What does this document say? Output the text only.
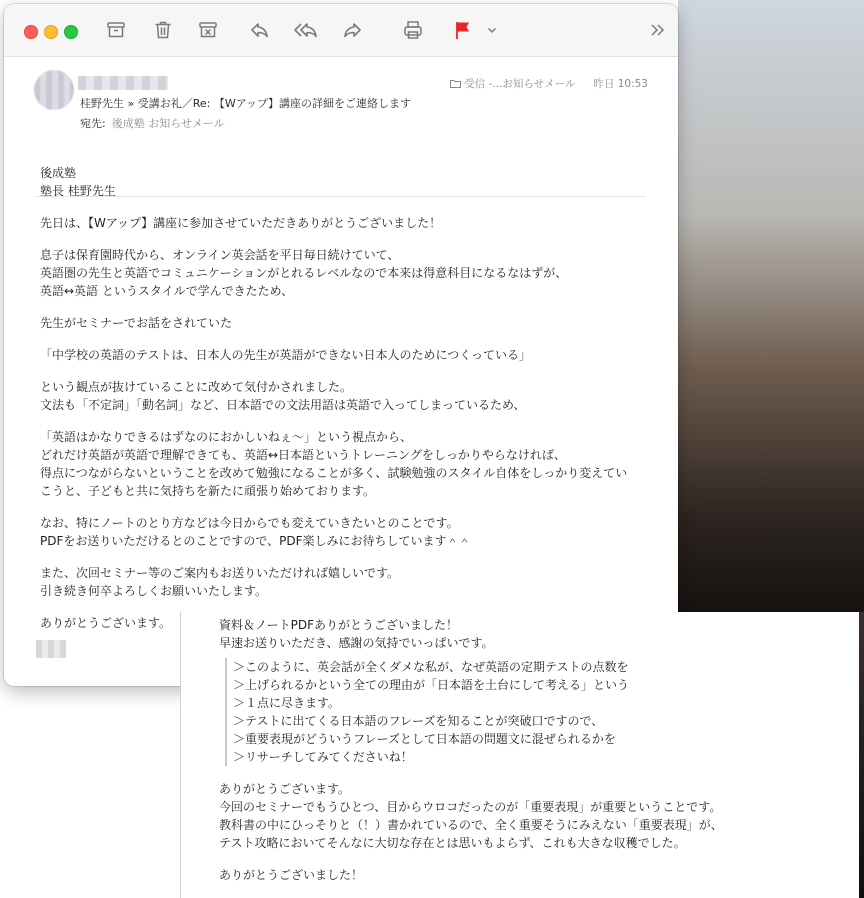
受信 -...お知らせメール 昨日 10:53
桂野先生 » 受講お礼／Re: 【Wアップ】講座の詳細をご連絡します
宛先: 後成塾 お知らせメール
後成塾
塾長 桂野先生
先日は、【Wアップ】講座に参加させていただきありがとうございました！
息子は保育園時代から、オンライン英会話を平日毎日続けていて、
英語圏の先生と英語でコミュニケーションがとれるレベルなので本来は得意科目になるなはずが、
英語↔英語 というスタイルで学んできたため、
先生がセミナーでお話をされていた
「中学校の英語のテストは、日本人の先生が英語ができない日本人のためにつくっている」
という観点が抜けていることに改めて気付かされました。
文法も「不定詞」「動名詞」など、日本語での文法用語は英語で入ってしまっているため、
「英語はかなりできるはずなのにおかしいねぇ〜」という視点から、
どれだけ英語が英語で理解できても、英語↔日本語というトレーニングをしっかりやらなければ、
得点につながらないということを改めて勉強になることが多く、試験勉強のスタイル自体をしっかり変えてい
こうと、子どもと共に気持ちを新たに頑張り始めております。
なお、特にノートのとり方などは今日からでも変えていきたいとのことです。
PDFをお送りいただけるとのことですので、PDF楽しみにお待ちしています＾＾
また、次回セミナー等のご案内もお送りいただければ嬉しいです。
引き続き何卒よろしくお願いいたします。
ありがとうございます。	資料＆ノートPDFありがとうございました！
早速お送りいただき、感謝の気持でいっぱいです。
＞このように、英会話が全くダメな私が、なぜ英語の定期テストの点数を
＞上げられるかという全ての理由が「日本語を土台にして考える」という
＞１点に尽きます。
＞テストに出てくる日本語のフレーズを知ることが突破口ですので、
＞重要表現がどういうフレーズとして日本語の問題文に混ぜられるかを
＞リサーチしてみてくださいね！
ありがとうございます。
今回のセミナーでもうひとつ、目からウロコだったのが「重要表現」が重要ということです。
教科書の中にひっそりと（！）書かれているので、全く重要そうにみえない「重要表現」が、
テスト攻略においてそんなに大切な存在とは思いもよらず、これも大きな収穫でした。
ありがとうございました！
